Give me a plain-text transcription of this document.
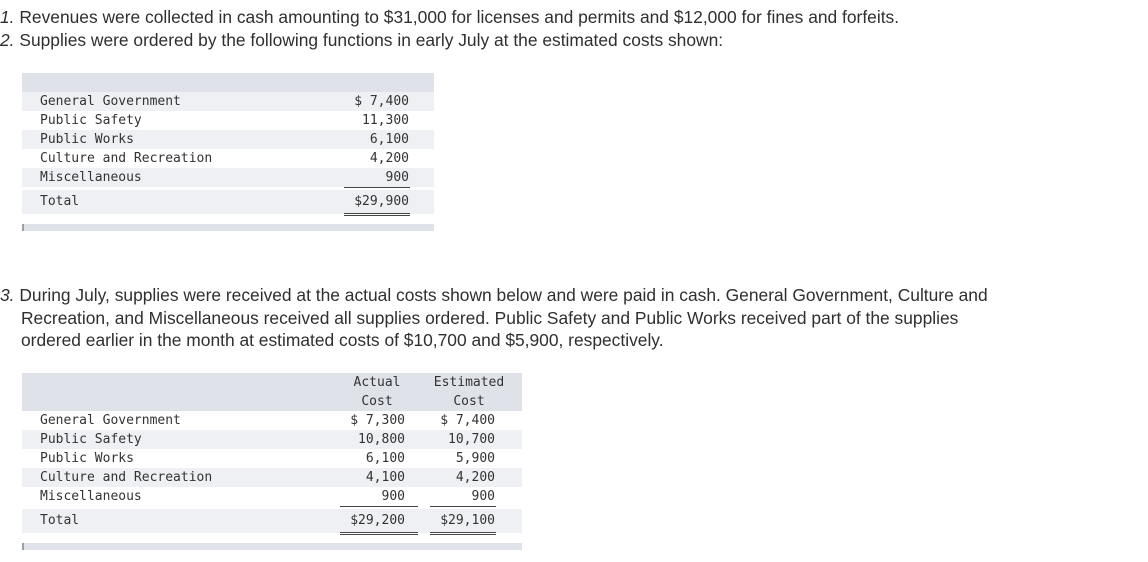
1. Revenues were collected in cash amounting to $31,000 for licenses and permits and $12,000 for fines and forfeits.
2. Supplies were ordered by the following functions in early July at the estimated costs shown:
General Government	$ 7,400
Public Safety	11,300
Public Works	6,100
Culture and Recreation	4,200
Miscellaneous	900
Total	$29,900
3. During July, supplies were received at the actual costs shown below and were paid in cash. General Government, Culture and
Recreation, and Miscellaneous received all supplies ordered. Public Safety and Public Works received part of the supplies
ordered earlier in the month at estimated costs of $10,700 and $5,900, respectively.
Actual
Cost
Estimated
Cost
General Government	$ 7,300	$ 7,400
Public Safety	10,800	10,700
Public Works	6,100	5,900
Culture and Recreation	4,100	4,200
Miscellaneous	900	900
Total	$29,200	$29,100
